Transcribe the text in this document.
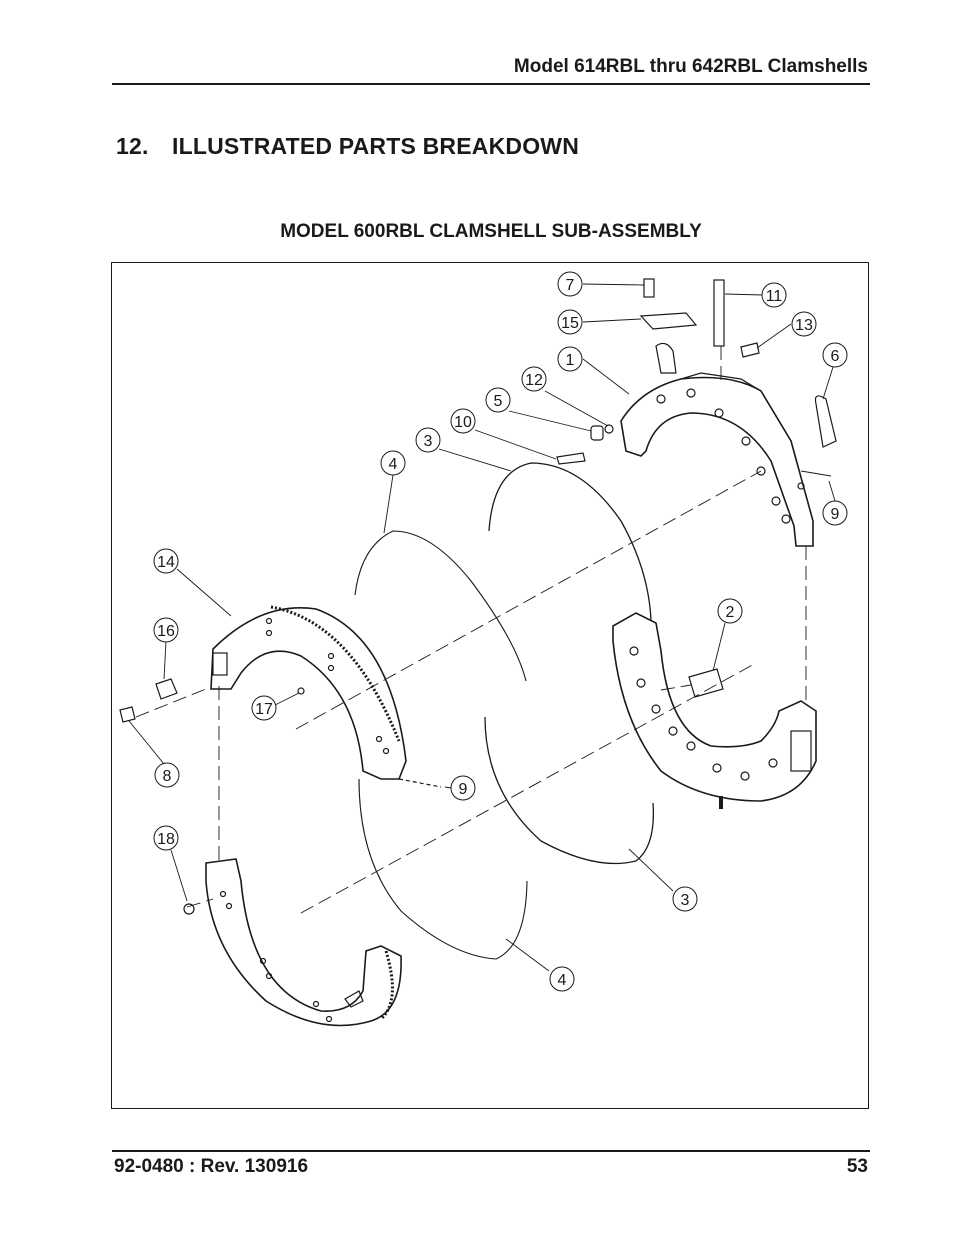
Model 614RBL thru 642RBL Clamshells
12. ILLUSTRATED PARTS BREAKDOWN
MODEL 600RBL CLAMSHELL SUB-ASSEMBLY
7
11
15	13
1	6
12
5
10
3
4
9
14
2
16
17
8
9
18
3
4
92-0480 : Rev. 130916	53
